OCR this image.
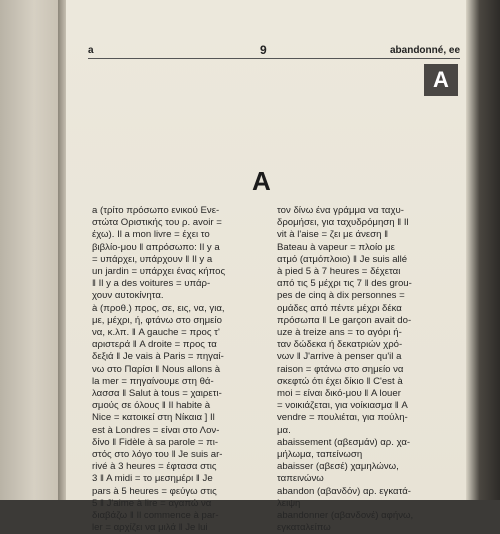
a	9	abandonné, ee
A
A
a (τρίτο πρόσωπο ενικού Ενε-
στώτα Οριστικής του ρ. avoir =
έχω). Il a mon livre = έχει το
βιβλίο-μου ‖ απρόσωπο: Il y a
= υπάρχει, υπάρχουν ‖ Il y a
un jardin = υπάρχει ένας κήπος
‖ Il y a des voitures = υπάρ-
χουν αυτοκίνητα.
à (προθ.) προς, σε, εις, να, για,
με, μέχρι, ή, φτάνω στο σημείο
να, κ.λπ. ‖ A gauche = προς τ'
αριστερά ‖ A droite = προς τα
δεξιά ‖ Je vais à Paris = πηγαί-
νω στο Παρίσι ‖ Nous allons à
la mer = πηγαίνουμε στη θά-
λασσα ‖ Salut à tous = χαιρετι-
σμούς σε όλους ‖ Il habite à
Nice = κατοικεί στη Νίκαια ] Il
est à Londres = είναι στο Λον-
δίνο ‖ Fidèle à sa parole = πι-
στός στο λόγο του ‖ Je suis ar-
rivé à 3 heures = έφτασα στις
3 ‖ A midi = το μεσημέρι ‖ Je
pars à 5 heures = φεύγω στις
5 ‖ J'aime à lire = αγαπώ να
διαβάζω ‖ Il commence à par-
ler = αρχίζει να μιλά ‖ Je lui
τον δίνω ένα γράμμα να ταχυ-
δρομήσει, για ταχυδρόμηση ‖ Il
vit à l'aise = ζει με άνεση ‖
Bateau à vapeur = πλοίο με
ατμό (ατμόπλοιο) ‖ Je suis allé
à pied 5 à 7 heures = δέχεται
από τις 5 μέχρι τις 7 ‖ des grou-
pes de cinq à dix personnes =
ομάδες από πέντε μέχρι δέκα
πρόσωπα ‖ Le garçon avait do-
uze à treize ans = το αγόρι ή-
ταν δώδεκα ή δεκατριών χρό-
νων ‖ J'arrive à penser qu'il a
raison = φτάνω στο σημείο να
σκεφτώ ότι έχει δίκιο ‖ C'est à
moi = είναι δικό-μου ‖ A louer
= νοικιάζεται, για νοίκιασμα ‖ A
vendre = πουλιέται, για πούλη-
μα.
abaissement (αβεσμάν) αρ. χα-
μήλωμα, ταπείνωση
abaisser (αβεσέ) χαμηλώνω,
ταπεινώνω
abandon (αβανδόν) αρ. εγκατά-
λειψη
abandonner (αβανδονέ) αφήνω,
εγκαταλείπω
